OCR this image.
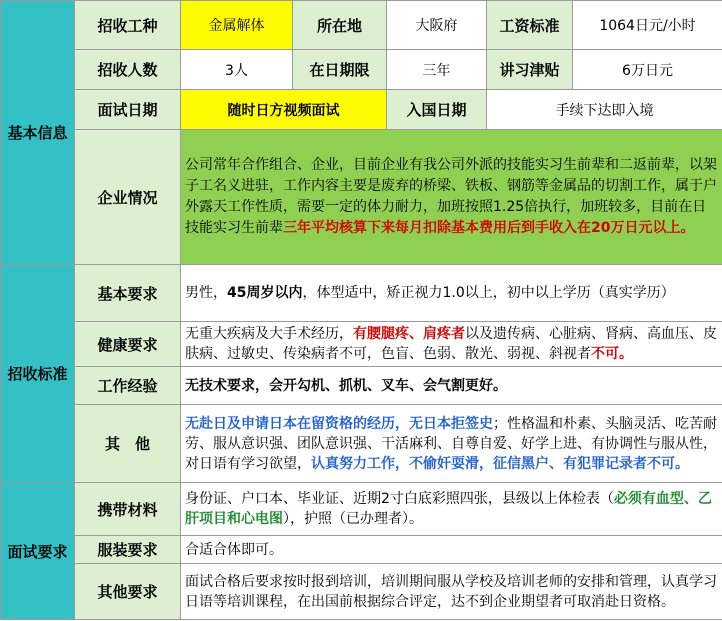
基本信息	招收工种	金属解体	所在地	大阪府	工资标准	1064日元/小时
	招收人数	3人	在日期限	三年	讲习津贴	6万日元
	面试日期	随时日方视频面试		入国日期	手续下达即入境	
	企业情况	公司常年合作组合、企业，目前企业有我公司外派的技能实习生前辈和二返前辈，以架子工名义进驻，工作内容主要是废弃的桥梁、铁板、钢筋等金属品的切割工作，属于户外露天工作性质，需要一定的体力耐力，加班按照1.25倍执行，加班较多，目前在日技能实习生前辈三年平均核算下来每月扣除基本费用后到手收入在20万日元以上。				
招收标准	基本要求	男性，45周岁以内，体型适中，矫正视力1.0以上，初中以上学历（真实学历）				
	健康要求	无重大疾病及大手术经历，有腰腿疼、肩疼者以及遗传病、心脏病、肾病、高血压、皮肤病、过敏史、传染病者不可，色盲、色弱、散光、弱视、斜视者不可。				
	工作经验	无技术要求，会开勾机、抓机、叉车、会气割更好。				
	其　他	无赴日及申请日本在留资格的经历，无日本拒签史；性格温和朴素、头脑灵活、吃苦耐劳、服从意识强、团队意识强、干活麻利、自尊自爱、好学上进、有协调性与服从性，对日语有学习欲望，认真努力工作，不偷奸耍滑，征信黑户、有犯罪记录者不可。				
面试要求	携带材料	身份证、户口本、毕业证、近期2寸白底彩照四张，县级以上体检表（必须有血型、乙肝项目和心电图），护照（已办理者）。				
	服装要求	合适合体即可。				
	其他要求	面试合格后要求按时报到培训，培训期间服从学校及培训老师的安排和管理，认真学习日语等培训课程，在出国前根据综合评定，达不到企业期望者可取消赴日资格。				
